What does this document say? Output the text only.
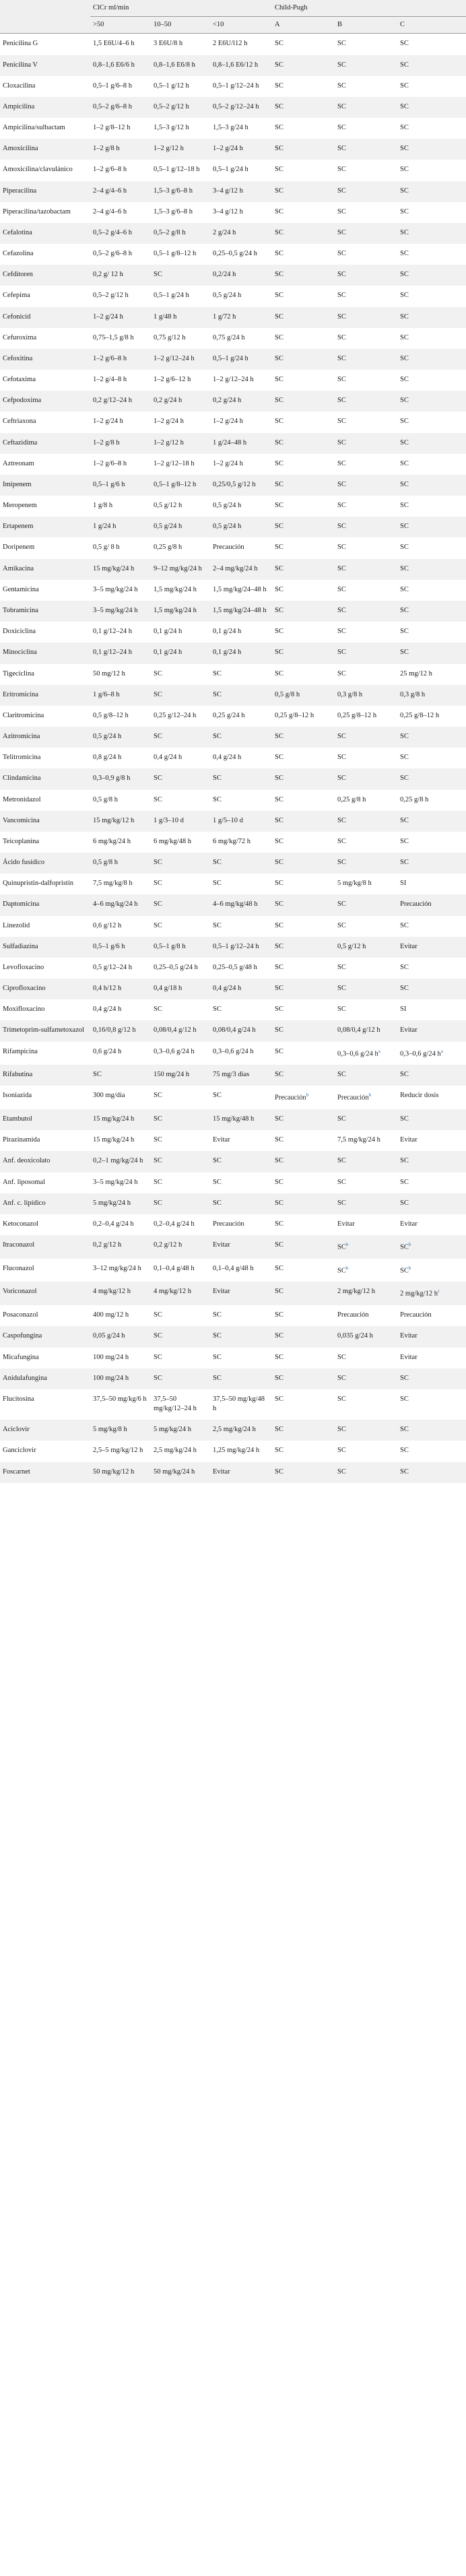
	ClCr ml/min			Child-Pugh		
	>50	10–50	<10	A	B	C
Penicilina G	1,5 E6U/4–6 h	3 E6U/8 h	2 E6U/l12 h	SC	SC	SC
Penicilina V	0,8–1,6 E6/6 h	0,8–1,6 E6/8 h	0,8–1,6 E6/12 h	SC	SC	SC
Cloxacilina	0,5–1 g/6–8 h	0,5–1 g/12 h	0,5–1 g/12–24 h	SC	SC	SC
Ampicilina	0,5–2 g/6–8 h	0,5–2 g/12 h	0,5–2 g/12–24 h	SC	SC	SC
Ampicilina/sulbactam	1–2 g/8–12 h	1,5–3 g/12 h	1,5–3 g/24 h	SC	SC	SC
Amoxicilina	1–2 g/8 h	1–2 g/12 h	1–2 g/24 h	SC	SC	SC
Amoxicilina/clavulánico	1–2 g/6–8 h	0,5–1 g/12–18 h	0,5–1 g/24 h	SC	SC	SC
Piperacilina	2–4 g/4–6 h	1,5–3 g/6–8 h	3–4 g/12 h	SC	SC	SC
Piperacilina/tazobactam	2–4 g/4–6 h	1,5–3 g/6–8 h	3–4 g/12 h	SC	SC	SC
Cefalotina	0,5–2 g/4–6 h	0,5–2 g/8 h	2 g/24 h	SC	SC	SC
Cefazolina	0,5–2 g/6–8 h	0,5–1 g/8–12 h	0,25–0,5 g/24 h	SC	SC	SC
Cefditoren	0,2 g/ 12 h	SC	0,2/24 h	SC	SC	SC
Cefepima	0,5–2 g/12 h	0,5–1 g/24 h	0,5 g/24 h	SC	SC	SC
Cefonicid	1–2 g/24 h	1 g/48 h	1 g/72 h	SC	SC	SC
Cefuroxima	0,75–1,5 g/8 h	0,75 g/12 h	0,75 g/24 h	SC	SC	SC
Cefoxitina	1–2 g/6–8 h	1–2 g/12–24 h	0,5–1 g/24 h	SC	SC	SC
Cefotaxima	1–2 g/4–8 h	1–2 g/6–12 h	1–2 g/12–24 h	SC	SC	SC
Cefpodoxima	0,2 g/12–24 h	0,2 g/24 h	0,2 g/24 h	SC	SC	SC
Ceftriaxona	1–2 g/24 h	1–2 g/24 h	1–2 g/24 h	SC	SC	SC
Ceftazidima	1–2 g/8 h	1–2 g/12 h	1 g/24–48 h	SC	SC	SC
Aztreonam	1–2 g/6–8 h	1–2 g/12–18 h	1–2 g/24 h	SC	SC	SC
Imipenem	0,5–1 g/6 h	0,5–1 g/8–12 h	0,25/0,5 g/12 h	SC	SC	SC
Meropenem	1 g/8 h	0,5 g/12 h	0,5 g/24 h	SC	SC	SC
Ertapenem	1 g/24 h	0,5 g/24 h	0,5 g/24 h	SC	SC	SC
Doripenem	0,5 g/ 8 h	0,25 g/8 h	Precaución	SC	SC	SC
Amikacina	15 mg/kg/24 h	9–12 mg/kg/24 h	2–4 mg/kg/24 h	SC	SC	SC
Gentamicina	3–5 mg/kg/24 h	1,5 mg/kg/24 h	1,5 mg/kg/24–48 h	SC	SC	SC
Tobramicina	3–5 mg/kg/24 h	1,5 mg/kg/24 h	1,5 mg/kg/24–48 h	SC	SC	SC
Doxiciclina	0,1 g/12–24 h	0,1 g/24 h	0,1 g/24 h	SC	SC	SC
Minociclina	0,1 g/12–24 h	0,1 g/24 h	0,1 g/24 h	SC	SC	SC
Tigeciclina	50 mg/12 h	SC	SC	SC	SC	25 mg/12 h
Eritromicina	1 g/6–8 h	SC	SC	0,5 g/8 h	0,3 g/8 h	0,3 g/8 h
Claritromicina	0,5 g/8–12 h	0,25 g/12–24 h	0,25 g/24 h	0,25 g/8–12 h	0,25 g/8–12 h	0,25 g/8–12 h
Azitromicina	0,5 g/24 h	SC	SC	SC	SC	SC
Telitromicina	0,8 g/24 h	0,4 g/24 h	0,4 g/24 h	SC	SC	SC
Clindamicina	0,3–0,9 g/8 h	SC	SC	SC	SC	SC
Metronidazol	0,5 g/8 h	SC	SC	SC	0,25 g/8 h	0,25 g/8 h
Vancomicina	15 mg/kg/12 h	1 g/3–10 d	1 g/5–10 d	SC	SC	SC
Teicoplanina	6 mg/kg/24 h	6 mg/kg/48 h	6 mg/kg/72 h	SC	SC	SC
Ácido fusídico	0,5 g/8 h	SC	SC	SC	SC	SC
Quinupristin-dalfopristin	7,5 mg/kg/8 h	SC	SC	SC	5 mg/kg/8 h	SI
Daptomicina	4–6 mg/kg/24 h	SC	4–6 mg/kg/48 h	SC	SC	Precaución
Linezolid	0,6 g/12 h	SC	SC	SC	SC	SC
Sulfadiazina	0,5–1 g/6 h	0,5–1 g/8 h	0,5–1 g/12–24 h	SC	0,5 g/12 h	Evitar
Levofloxacino	0,5 g/12–24 h	0,25–0,5 g/24 h	0,25–0,5 g/48 h	SC	SC	SC
Ciprofloxacino	0,4 h/12 h	0,4 g/18 h	0,4 g/24 h	SC	SC	SC
Moxifloxacino	0,4 g/24 h	SC	SC	SC	SC	SI
Trimetoprim-sulfametoxazol	0,16/0,8 g/12 h	0,08/0,4 g/12 h	0,08/0,4 g/24 h	SC	0,08/0,4 g/12 h	Evitar
Rifampicina	0,6 g/24 h	0,3–0,6 g/24 h	0,3–0,6 g/24 h	SC	0,3–0,6 g/24 $h^a$	0,3–0,6 g/24 $h^a$
Rifabutina	SC	150 mg/24 h	75 mg/3 días	SC	SC	SC
Isoniazida	300 mg/día	SC	SC	Precaución$^b$	Precaución$^b$	Reducir dosis
Etambutol	15 mg/kg/24 h	SC	15 mg/kg/48 h	SC	SC	SC
Pirazinamida	15 mg/kg/24 h	SC	Evitar	SC	7,5 mg/kg/24 h	Evitar
Anf. deoxicolato	0,2–1 mg/kg/24 h	SC	SC	SC	SC	SC
Anf. liposomal	3–5 mg/kg/24 h	SC	SC	SC	SC	SC
Anf. c. lipídico	5 mg/kg/24 h	SC	SC	SC	SC	SC
Ketoconazol	0,2–0,4 g/24 h	0,2–0,4 g/24 h	Precaución	SC	Evitar	Evitar
Itraconazol	0,2 g/12 h	0,2 g/12 h	Evitar	SC	$SC^b$	$SC^b$
Fluconazol	3–12 mg/kg/24 h	0,1–0,4 g/48 h	0,1–0,4 g/48 h	SC	$SC^b$	$SC^b$
Voriconazol	4 mg/kg/12 h	4 mg/kg/12 h	Evitar	SC	2 mg/kg/12 h	2 mg/kg/12 $h^c$
Posaconazol	400 mg/12 h	SC	SC	SC	Precaución	Precaución
Caspofungina	0,05 g/24 h	SC	SC	SC	0,035 g/24 h	Evitar
Micafungina	100 mg/24 h	SC	SC	SC	SC	Evitar
Anidulafungina	100 mg/24 h	SC	SC	SC	SC	SC
Flucitosina	37,5–50 mg/kg/6 h	37,5–50 mg/kg/12–24 h	37,5–50 mg/kg/48 h	SC	SC	SC
Aciclovir	5 mg/kg/8 h	5 mg/kg/24 h	2,5 mg/kg/24 h	SC	SC	SC
Ganciclovir	2,5–5 mg/kg/12 h	2,5 mg/kg/24 h	1,25 mg/kg/24 h	SC	SC	SC
Foscarnet	50 mg/kg/12 h	50 mg/kg/24 h	Evitar	SC	SC	SC
